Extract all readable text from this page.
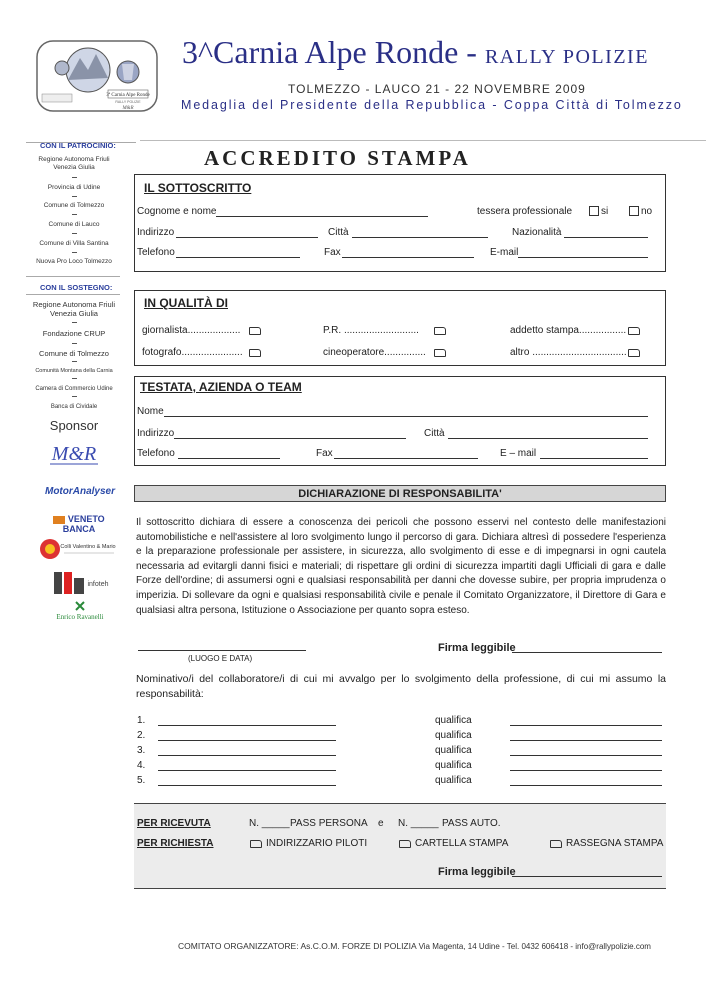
3ª Carnia Alpe Ronde
RALLY POLIZIE
M&R
3^Carnia Alpe Ronde - RALLY POLIZIE
TOLMEZZO - LAUCO 21 - 22 NOVEMBRE 2009
Medaglia del Presidente della Repubblica - Coppa Città di Tolmezzo
CON IL PATROCINIO:
Regione Autonoma Friuli Venezia Giulia
Provincia di Udine
Comune di Tolmezzo
Comune di Lauco
Comune di Villa Santina
Nuova Pro Loco Tolmezzo
CON IL SOSTEGNO:
Regione Autonoma Friuli Venezia Giulia
Fondazione CRUP
Comune di Tolmezzo
Comunità Montana della Carnia
Camera di Commercio Udine
Banca di Cividale
Sponsor
M&R
MotorAnalyser
VENETO BANCA
Colli Valentino & Mario
infoteh
Enrico Ravanelli
ACCREDITO STAMPA
IL SOTTOSCRITTO
Cognome e nome	tessera professionale	si	no
Indirizzo	Città	Nazionalità
Telefono	Fax	E-mail
IN QUALITÀ DI
giornalista...................	P.R. ...........................	addetto stampa.................
fotografo......................	cineoperatore...............	altro ..................................
TESTATA, AZIENDA O TEAM
Nome
Indirizzo	Città
Telefono	Fax	E – mail
DICHIARAZIONE DI RESPONSABILITA'
Il sottoscritto dichiara di essere a conoscenza dei pericoli che possono esservi nel contesto delle manifestazioni automobilistiche e nell'assistere al loro svolgimento lungo il percorso di gara. Dichiara altresì di possedere l'esperienza e la preparazione professionale per assistere, in sicurezza, allo svolgimento di esse e di impegnarsi in ogni cautela necessaria ad evitargli danni fisici e materiali; di rispettare gli ordini di sicurezza impartiti dagli Ufficiali di gara e dalle Forze dell'ordine; di assumersi ogni e qualsiasi responsabilità per danni che dovesse subire, per propria imprudenza o imperizia. Di sollevare da ogni e qualsiasi responsabilità civile e penale il Comitato Organizzatore, il Direttore di Gara e qualsiasi altra persona, Istituzione o Associazione per quanto sopra esteso.
(LUOGO E DATA)
Firma leggibile
Nominativo/i del collaboratore/i di cui mi avvalgo per lo svolgimento della professione, di cui mi assumo la responsabilità:
1.	qualifica
2.	qualifica
3.	qualifica
4.	qualifica
5.	qualifica
PER RICEVUTA	N. _____ PASS PERSONA e N. _____ PASS AUTO.
PER RICHIESTA	INDIRIZZARIO PILOTI	CARTELLA STAMPA	RASSEGNA STAMPA
Firma leggibile
COMITATO ORGANIZZATORE: As.C.O.M. FORZE DI POLIZIA Via Magenta, 14 Udine - Tel. 0432 606418 - info@rallypolizie.com
